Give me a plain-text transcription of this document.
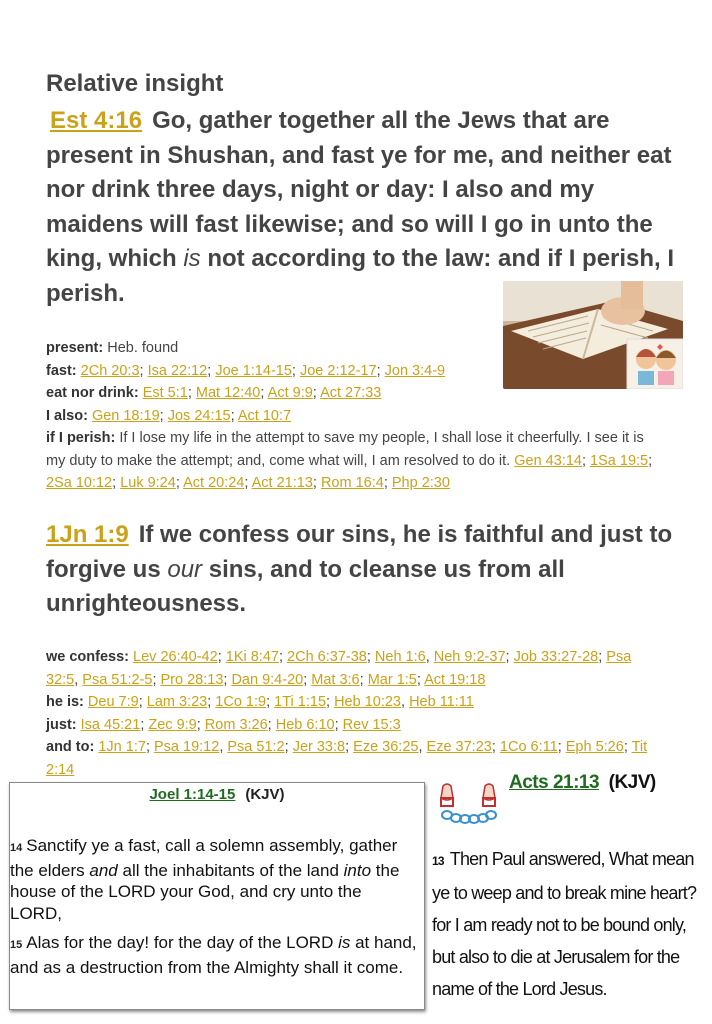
Relative insight
Est 4:16 Go, gather together all the Jews that are present in Shushan, and fast ye for me, and neither eat nor drink three days, night or day: I also and my maidens will fast likewise; and so will I go in unto the king, which is not according to the law: and if I perish, I perish.
present: Heb. found
fast: 2Ch 20:3; Isa 22:12; Joe 1:14-15; Joe 2:12-17; Jon 3:4-9
eat nor drink: Est 5:1; Mat 12:40; Act 9:9; Act 27:33
I also: Gen 18:19; Jos 24:15; Act 10:7
if I perish: If I lose my life in the attempt to save my people, I shall lose it cheerfully. I see it is my duty to make the attempt; and, come what will, I am resolved to do it. Gen 43:14; 1Sa 19:5; 2Sa 10:12; Luk 9:24; Act 20:24; Act 21:13; Rom 16:4; Php 2:30
1Jn 1:9 If we confess our sins, he is faithful and just to forgive us our sins, and to cleanse us from all unrighteousness.
we confess: Lev 26:40-42; 1Ki 8:47; 2Ch 6:37-38; Neh 1:6, Neh 9:2-37; Job 33:27-28; Psa 32:5, Psa 51:2-5; Pro 28:13; Dan 9:4-20; Mat 3:6; Mar 1:5; Act 19:18
he is: Deu 7:9; Lam 3:23; 1Co 1:9; 1Ti 1:15; Heb 10:23, Heb 11:11
just: Isa 45:21; Zec 9:9; Rom 3:26; Heb 6:10; Rev 15:3
and to: 1Jn 1:7; Psa 19:12, Psa 51:2; Jer 33:8; Eze 36:25, Eze 37:23; 1Co 6:11; Eph 5:26; Tit 2:14
Joel 1:14-15 (KJV)
14 Sanctify ye a fast, call a solemn assembly, gather the elders and all the inhabitants of the land into the house of the LORD your God, and cry unto the LORD,
15 Alas for the day! for the day of the LORD is at hand, and as a destruction from the Almighty shall it come.
Acts 21:13 (KJV)
13 Then Paul answered, What mean ye to weep and to break mine heart? for I am ready not to be bound only, but also to die at Jerusalem for the name of the Lord Jesus.
